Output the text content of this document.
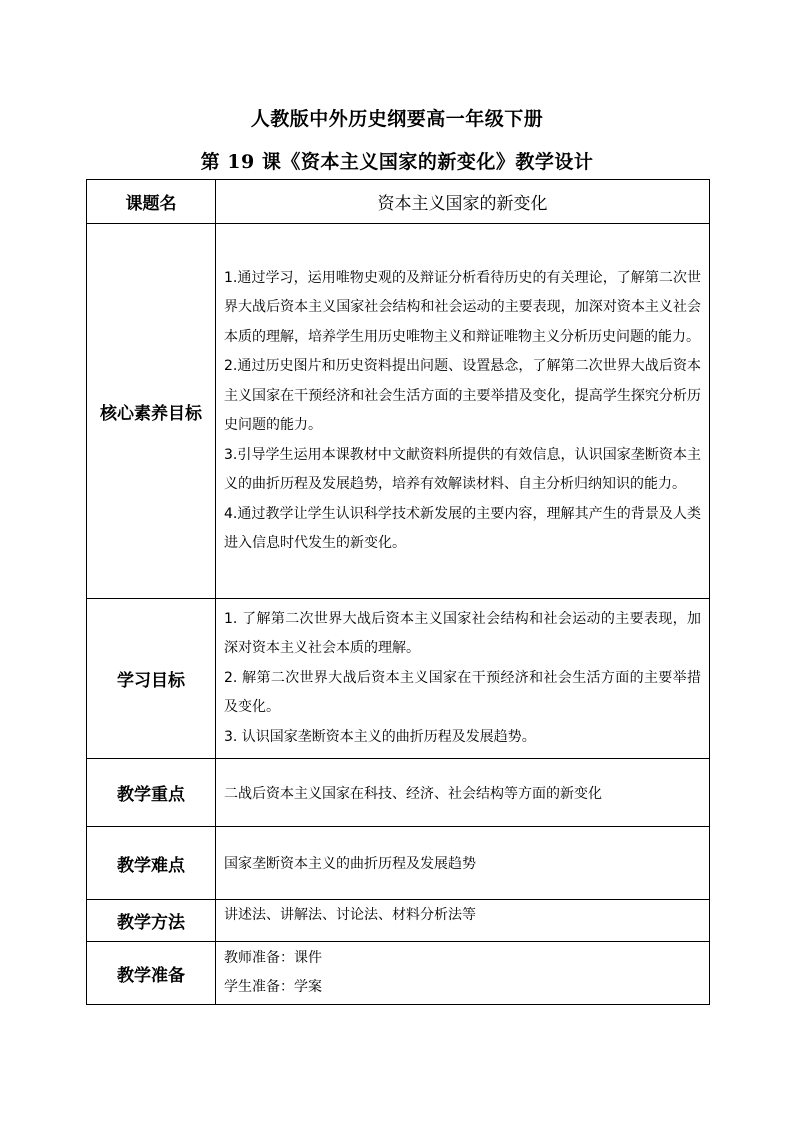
人教版中外历史纲要高一年级下册
第 19 课《资本主义国家的新变化》教学设计
课题名	资本主义国家的新变化
核心素养目标	1.通过学习，运用唯物史观的及辩证分析看待历史的有关理论，了解第二次世界大战后资本主义国家社会结构和社会运动的主要表现，加深对资本主义社会本质的理解，培养学生用历史唯物主义和辩证唯物主义分析历史问题的能力。

2.通过历史图片和历史资料提出问题、设置悬念，了解第二次世界大战后资本主义国家在干预经济和社会生活方面的主要举措及变化，提高学生探究分析历史问题的能力。

3.引导学生运用本课教材中文献资料所提供的有效信息，认识国家垄断资本主义的曲折历程及发展趋势，培养有效解读材料、自主分析归纳知识的能力。

4.通过教学让学生认识科学技术新发展的主要内容，理解其产生的背景及人类进入信息时代发生的新变化。

学习目标	1. 了解第二次世界大战后资本主义国家社会结构和社会运动的主要表现，加深对资本主义社会本质的理解。

2. 解第二次世界大战后资本主义国家在干预经济和社会生活方面的主要举措及变化。

3. 认识国家垄断资本主义的曲折历程及发展趋势。

教学重点	二战后资本主义国家在科技、经济、社会结构等方面的新变化
教学难点	国家垄断资本主义的曲折历程及发展趋势
教学方法	讲述法、讲解法、讨论法、材料分析法等
教学准备	教师准备：课件
学生准备：学案
